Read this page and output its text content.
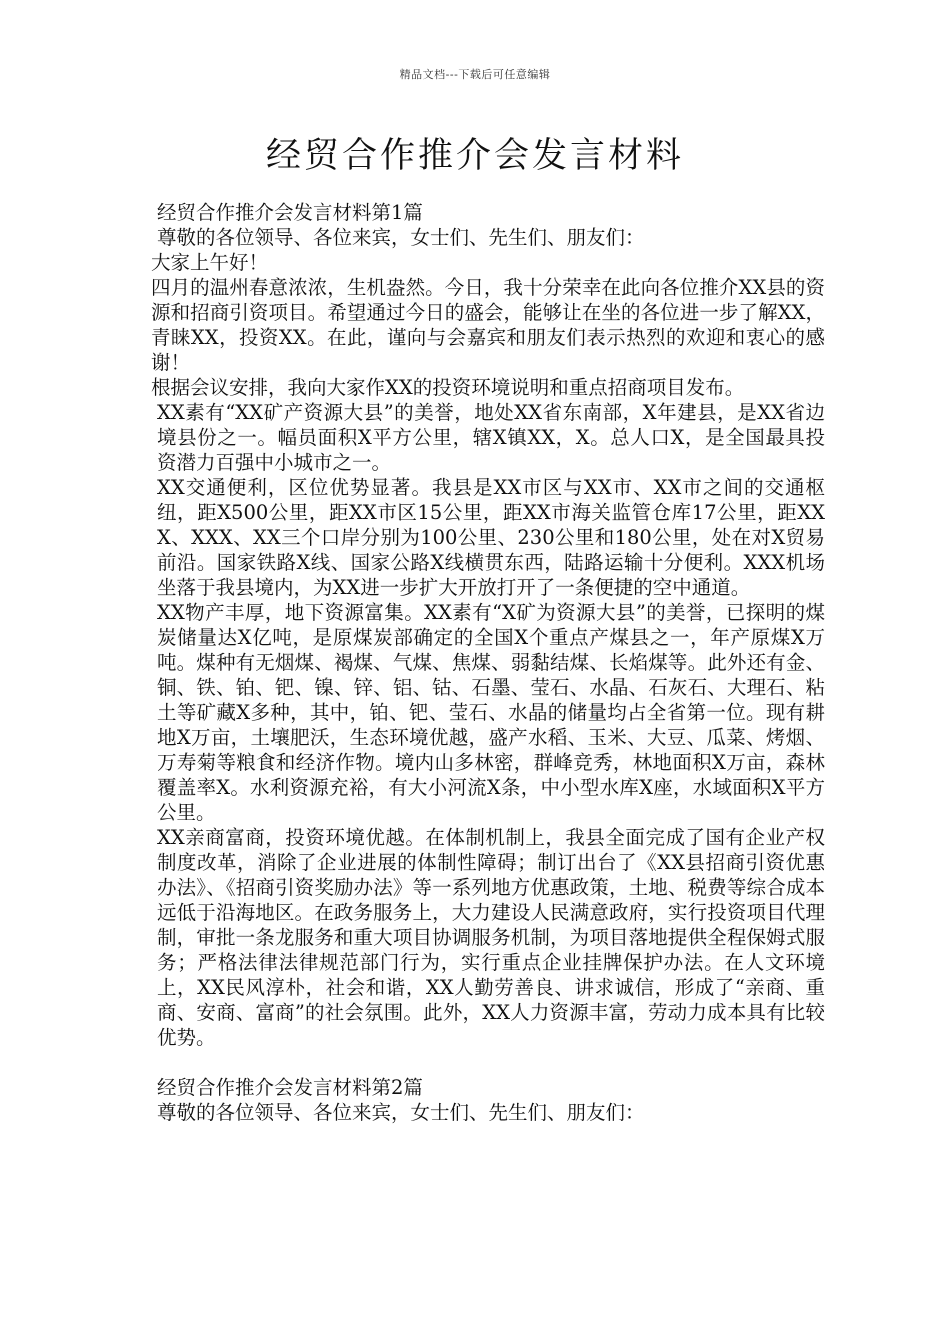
精品文档---下载后可任意编辑
经贸合作推介会发言材料

经贸合作推介会发言材料第1篇

尊敬的各位领导、各位来宾，女士们、先生们、朋友们：

大家上午好！

四月的温州春意浓浓，生机盎然。今日，我十分荣幸在此向各位推介XX县的资源和招商引资项目。希望通过今日的盛会，能够让在坐的各位进一步了解XX，青睐XX，投资XX。在此，谨向与会嘉宾和朋友们表示热烈的欢迎和衷心的感谢！

根据会议安排，我向大家作XX的投资环境说明和重点招商项目发布。

XX素有“XX矿产资源大县”的美誉，地处XX省东南部，X年建县，是XX省边境县份之一。幅员面积X平方公里，辖X镇XX，X。总人口X，是全国最具投资潜力百强中小城市之一。

XX交通便利，区位优势显著。我县是XX市区与XX市、XX市之间的交通枢纽，距X500公里，距XX市区15公里，距XX市海关监管仓库17公里，距XXX、XXX、XX三个口岸分别为100公里、230公里和180公里，处在对X贸易前沿。国家铁路X线、国家公路X线横贯东西，陆路运输十分便利。XXX机场坐落于我县境内，为XX进一步扩大开放打开了一条便捷的空中通道。

XX物产丰厚，地下资源富集。XX素有“X矿为资源大县”的美誉，已探明的煤炭储量达X亿吨，是原煤炭部确定的全国X个重点产煤县之一，年产原煤X万吨。煤种有无烟煤、褐煤、气煤、焦煤、弱黏结煤、长焰煤等。此外还有金、铜、铁、铂、钯、镍、锌、铝、钴、石墨、莹石、水晶、石灰石、大理石、粘土等矿藏X多种，其中，铂、钯、莹石、水晶的储量均占全省第一位。现有耕地X万亩，土壤肥沃，生态环境优越，盛产水稻、玉米、大豆、瓜菜、烤烟、万寿菊等粮食和经济作物。境内山多林密，群峰竞秀，林地面积X万亩，森林覆盖率X。水利资源充裕，有大小河流X条，中小型水库X座，水域面积X平方公里。

XX亲商富商，投资环境优越。在体制机制上，我县全面完成了国有企业产权制度改革，消除了企业进展的体制性障碍；制订出台了《XX县招商引资优惠办法》、《招商引资奖励办法》等一系列地方优惠政策，土地、税费等综合成本远低于沿海地区。在政务服务上，大力建设人民满意政府，实行投资项目代理制，审批一条龙服务和重大项目协调服务机制，为项目落地提供全程保姆式服务；严格法律法律规范部门行为，实行重点企业挂牌保护办法。在人文环境上，XX民风淳朴，社会和谐，XX人勤劳善良、讲求诚信，形成了“亲商、重商、安商、富商”的社会氛围。此外，XX人力资源丰富，劳动力成本具有比较优势。

经贸合作推介会发言材料第2篇

尊敬的各位领导、各位来宾，女士们、先生们、朋友们：
